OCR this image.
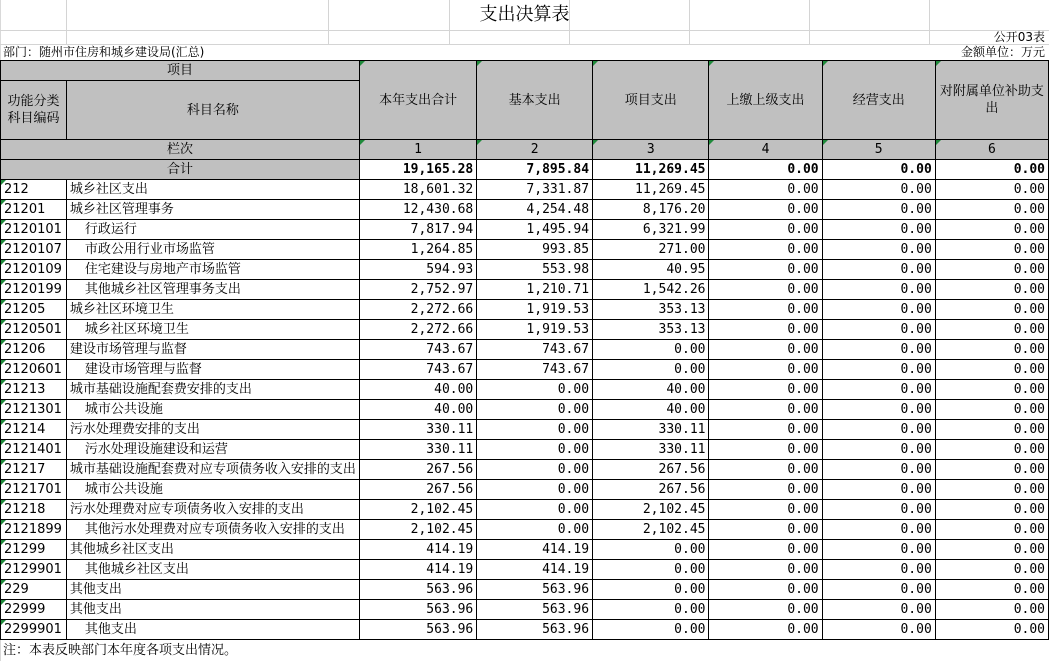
支出决算表
公开03表
部门：随州市住房和城乡建设局(汇总)	金额单位：万元
项目		本年支出合计	基本支出	项目支出	上缴上级支出	经营支出	对附属单位补助支出
功能分类科目编码	科目名称						

栏次		1	2	3	4	5	6
合计		19,165.28	7,895.84	11,269.45	0.00	0.00	0.00
212	城乡社区支出	18,601.32	7,331.87	11,269.45	0.00	0.00	0.00
21201	城乡社区管理事务	12,430.68	4,254.48	8,176.20	0.00	0.00	0.00
2120101	行政运行	7,817.94	1,495.94	6,321.99	0.00	0.00	0.00
2120107	市政公用行业市场监管	1,264.85	993.85	271.00	0.00	0.00	0.00
2120109	住宅建设与房地产市场监管	594.93	553.98	40.95	0.00	0.00	0.00
2120199	其他城乡社区管理事务支出	2,752.97	1,210.71	1,542.26	0.00	0.00	0.00
21205	城乡社区环境卫生	2,272.66	1,919.53	353.13	0.00	0.00	0.00
2120501	城乡社区环境卫生	2,272.66	1,919.53	353.13	0.00	0.00	0.00
21206	建设市场管理与监督	743.67	743.67	0.00	0.00	0.00	0.00
2120601	建设市场管理与监督	743.67	743.67	0.00	0.00	0.00	0.00
21213	城市基础设施配套费安排的支出	40.00	0.00	40.00	0.00	0.00	0.00
2121301	城市公共设施	40.00	0.00	40.00	0.00	0.00	0.00
21214	污水处理费安排的支出	330.11	0.00	330.11	0.00	0.00	0.00
2121401	污水处理设施建设和运营	330.11	0.00	330.11	0.00	0.00	0.00
21217	城市基础设施配套费对应专项债务收入安排的支出	267.56	0.00	267.56	0.00	0.00	0.00
2121701	城市公共设施	267.56	0.00	267.56	0.00	0.00	0.00
21218	污水处理费对应专项债务收入安排的支出	2,102.45	0.00	2,102.45	0.00	0.00	0.00
2121899	其他污水处理费对应专项债务收入安排的支出	2,102.45	0.00	2,102.45	0.00	0.00	0.00
21299	其他城乡社区支出	414.19	414.19	0.00	0.00	0.00	0.00
2129901	其他城乡社区支出	414.19	414.19	0.00	0.00	0.00	0.00
229	其他支出	563.96	563.96	0.00	0.00	0.00	0.00
22999	其他支出	563.96	563.96	0.00	0.00	0.00	0.00
2299901	其他支出	563.96	563.96	0.00	0.00	0.00	0.00
注：本表反映部门本年度各项支出情况。
